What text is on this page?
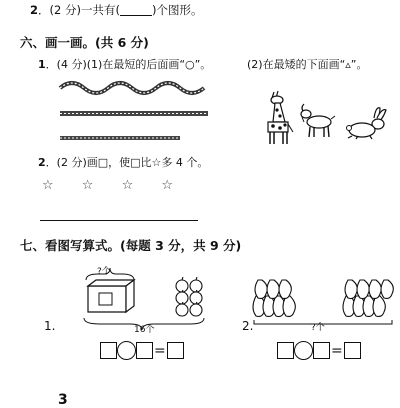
2．(2 分)一共有(	)个图形。
六、画一画。(共 6 分)
1．(4 分)(1)在最短的后面画“○”。	(2)在最矮的下面画“▵”。
2．(2 分)画□，使□比☆多 4 个。
☆ ☆ ☆ ☆
七、看图写算式。(每题 3 分，共 9 分)
?个
16个
1.
=
?个
2.
=
3
